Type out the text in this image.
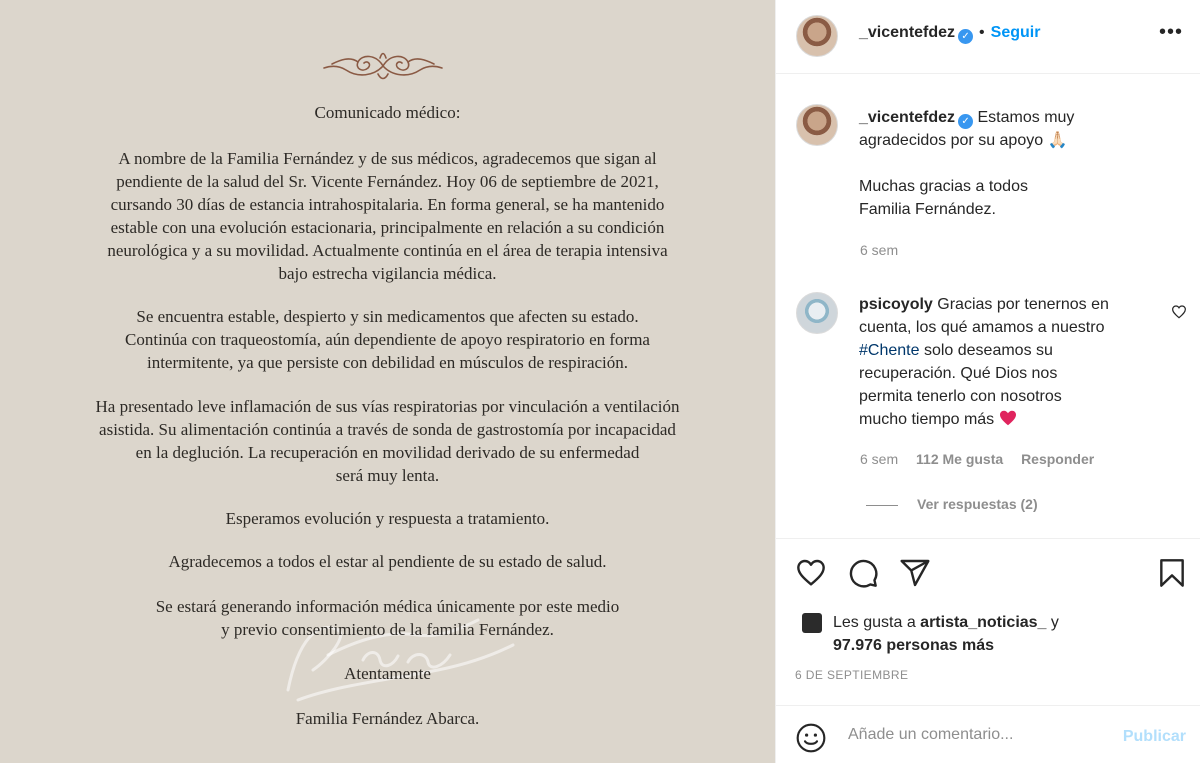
Comunicado médico:
A nombre de la Familia Fernández y de sus médicos, agradecemos que sigan al
pendiente de la salud del Sr. Vicente Fernández. Hoy 06 de septiembre de 2021,
cursando 30 días de estancia intrahospitalaria. En forma general, se ha mantenido
estable con una evolución estacionaria, principalmente en relación a su condición
neurológica y a su movilidad. Actualmente continúa en el área de terapia intensiva
bajo estrecha vigilancia médica.
Se encuentra estable, despierto y sin medicamentos que afecten su estado.
Continúa con traqueostomía, aún dependiente de apoyo respiratorio en forma
intermitente, ya que persiste con debilidad en músculos de respiración.
Ha presentado leve inflamación de sus vías respiratorias por vinculación a ventilación
asistida. Su alimentación continúa a través de sonda de gastrostomía por incapacidad
en la deglución. La recuperación en movilidad derivado de su enfermedad
será muy lenta.
Esperamos evolución y respuesta a tratamiento.
Agradecemos a todos el estar al pendiente de su estado de salud.
Se estará generando información médica únicamente por este medio
y previo consentimiento de la familia Fernández.
Atentamente
Familia Fernández Abarca.
_vicentefdez ✓ • Seguir	•••
_vicentefdez ✓ Estamos muy
agradecidos por su apoyo 🙏🏻
Muchas gracias a todos
Familia Fernández.
6 sem
psicoyoly Gracias por tenernos en
cuenta, los qué amamos a nuestro
#Chente solo deseamos su
recuperación. Qué Dios nos
permita tenerlo con nosotros
mucho tiempo más
6 sem 112 Me gusta Responder
Ver respuestas (2)
Les gusta a artista_noticias_ y
97.976 personas más
6 DE SEPTIEMBRE
Añade un comentario...
Publicar
